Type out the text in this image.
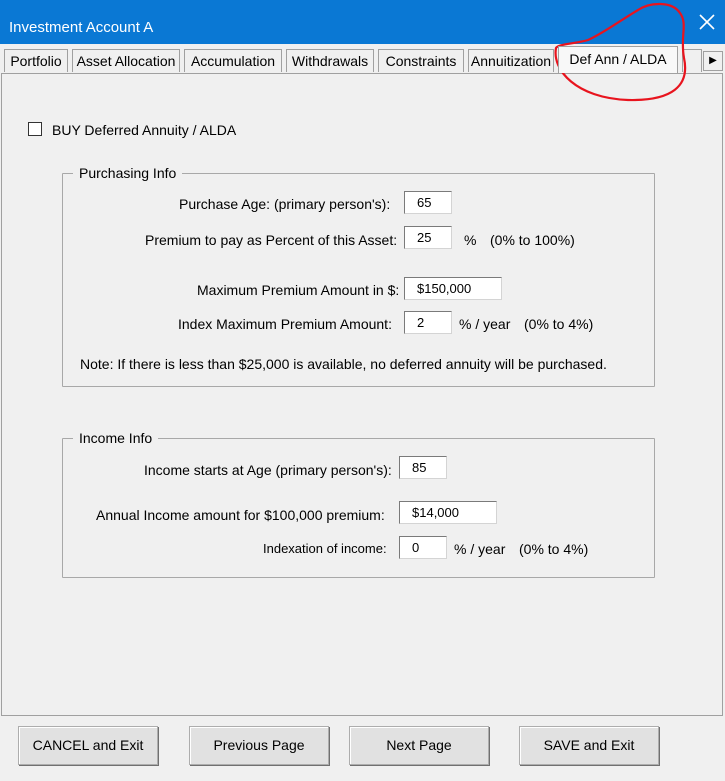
Investment Account A
Portfolio	Asset Allocation	Accumulation	Withdrawals	Constraints	Annuitization	Def Ann / ALDA	▶
BUY Deferred Annuity / ALDA
Purchasing Info
Purchase Age: (primary person's):	65
Premium to pay as Percent of this Asset:	25	% (0% to 100%)
Maximum Premium Amount in $:	$150,000
Index Maximum Premium Amount:	2	% / year (0% to 4%)
Note: If there is less than $25,000 is available, no deferred annuity will be purchased.
Income Info
Income starts at Age (primary person's):	85
Annual Income amount for $100,000 premium:	$14,000
Indexation of income:	0	% / year (0% to 4%)
CANCEL and Exit	Previous Page	Next Page	SAVE and Exit
